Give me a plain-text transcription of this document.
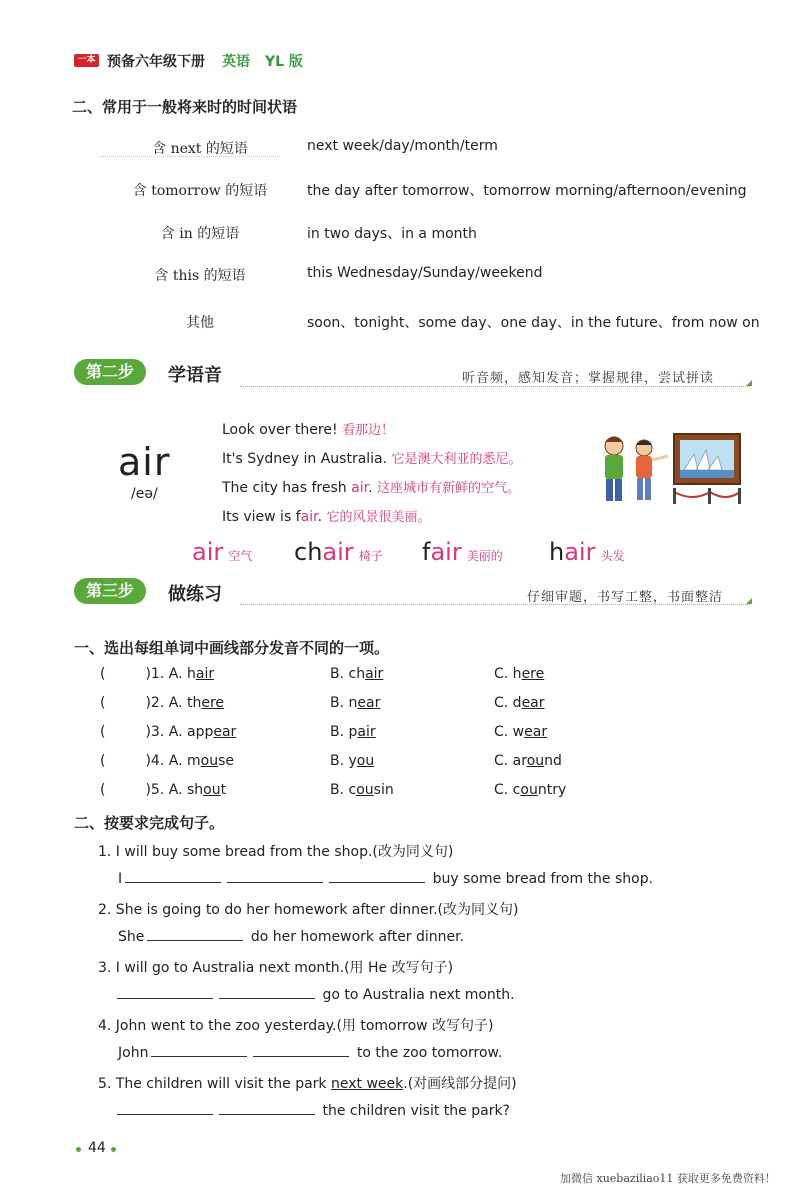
一本 预备六年级下册 英语 YL 版
二、常用于一般将来时的时间状语
含 next 的短语	next week/day/month/term
含 tomorrow 的短语	the day after tomorrow、tomorrow morning/afternoon/evening
含 in 的短语	in two days、in a month
含 this 的短语	this Wednesday/Sunday/weekend
其他	soon、tonight、some day、one day、in the future、from now on
第二步	学语音	听音频，感知发音；掌握规律，尝试拼读
air
/eə/
Look over there! 看那边！
It's Sydney in Australia. 它是澳大利亚的悉尼。
The city has fresh air. 这座城市有新鲜的空气。
Its view is fair. 它的风景很美丽。
air 空气 chair 椅子 fair 美丽的 hair 头发
第三步	做练习	仔细审题，书写工整，书面整洁
一、选出每组单词中画线部分发音不同的一项。
(	)1. A. hair	B. chair	C. here
(	)2. A. there	B. near	C. dear
(	)3. A. appear	B. pair	C. wear
(	)4. A. mouse	B. you	C. around
(	)5. A. shout	B. cousin	C. country
二、按要求完成句子。
1. I will buy some bread from the shop.(改为同义句)
I	buy some bread from the shop.
2. She is going to do her homework after dinner.(改为同义句)
She	do her homework after dinner.
3. I will go to Australia next month.(用 He 改写句子)
go to Australia next month.
4. John went to the zoo yesterday.(用 tomorrow 改写句子)
John	to the zoo tomorrow.
5. The children will visit the park next week.(对画线部分提问)
the children visit the park?
44
加微信 xuebaziliao11 获取更多免费资料！
